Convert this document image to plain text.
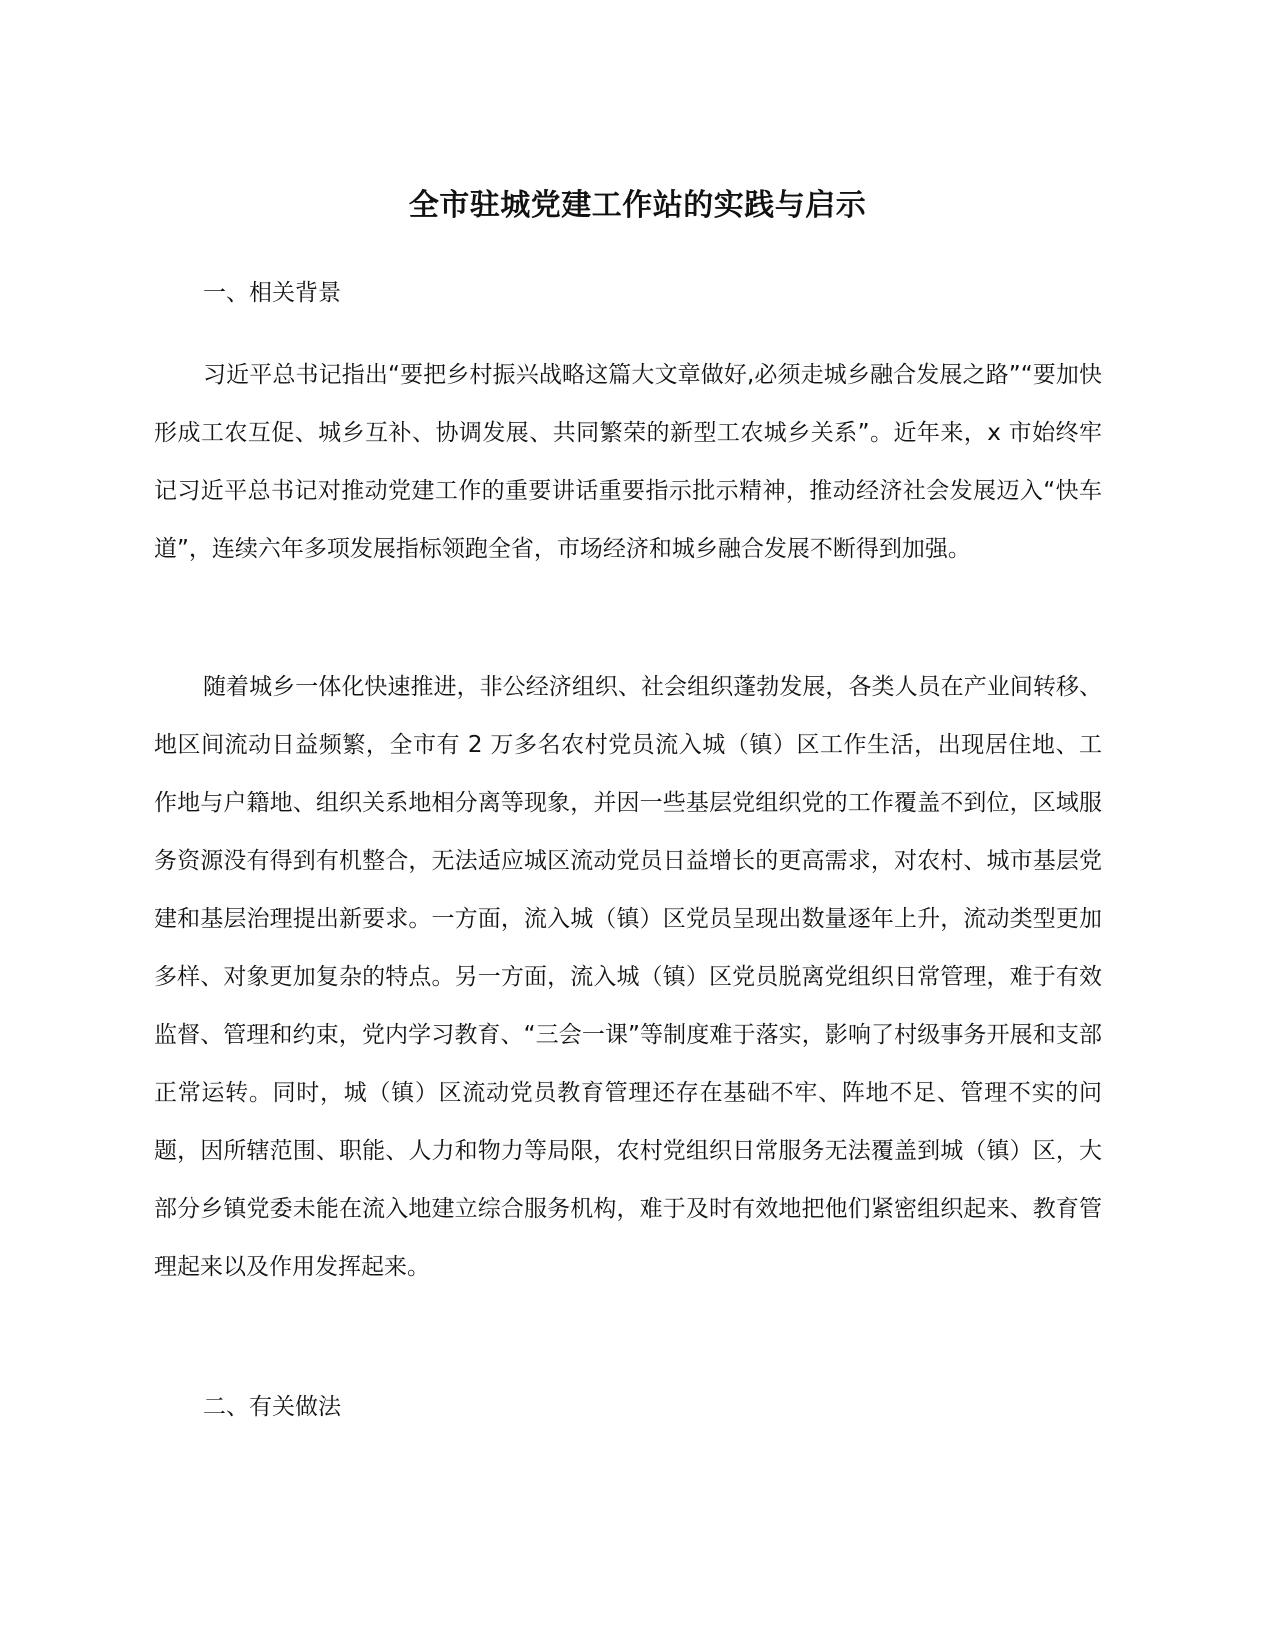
全市驻城党建工作站的实践与启示
一、相关背景

习近平总书记指出“要把乡村振兴战略这篇大文章做好,必须走城乡融合发展之路”“要加快形成工农互促、城乡互补、协调发展、共同繁荣的新型工农城乡关系”。近年来，x 市始终牢记习近平总书记对推动党建工作的重要讲话重要指示批示精神，推动经济社会发展迈入“快车道”，连续六年多项发展指标领跑全省，市场经济和城乡融合发展不断得到加强。

随着城乡一体化快速推进，非公经济组织、社会组织蓬勃发展，各类人员在产业间转移、地区间流动日益频繁，全市有 2 万多名农村党员流入城（镇）区工作生活，出现居住地、工作地与户籍地、组织关系地相分离等现象，并因一些基层党组织党的工作覆盖不到位，区域服务资源没有得到有机整合，无法适应城区流动党员日益增长的更高需求，对农村、城市基层党建和基层治理提出新要求。一方面，流入城（镇）区党员呈现出数量逐年上升，流动类型更加多样、对象更加复杂的特点。另一方面，流入城（镇）区党员脱离党组织日常管理，难于有效监督、管理和约束，党内学习教育、“三会一课”等制度难于落实，影响了村级事务开展和支部正常运转。同时，城（镇）区流动党员教育管理还存在基础不牢、阵地不足、管理不实的问题，因所辖范围、职能、人力和物力等局限，农村党组织日常服务无法覆盖到城（镇）区，大部分乡镇党委未能在流入地建立综合服务机构，难于及时有效地把他们紧密组织起来、教育管理起来以及作用发挥起来。

二、有关做法
